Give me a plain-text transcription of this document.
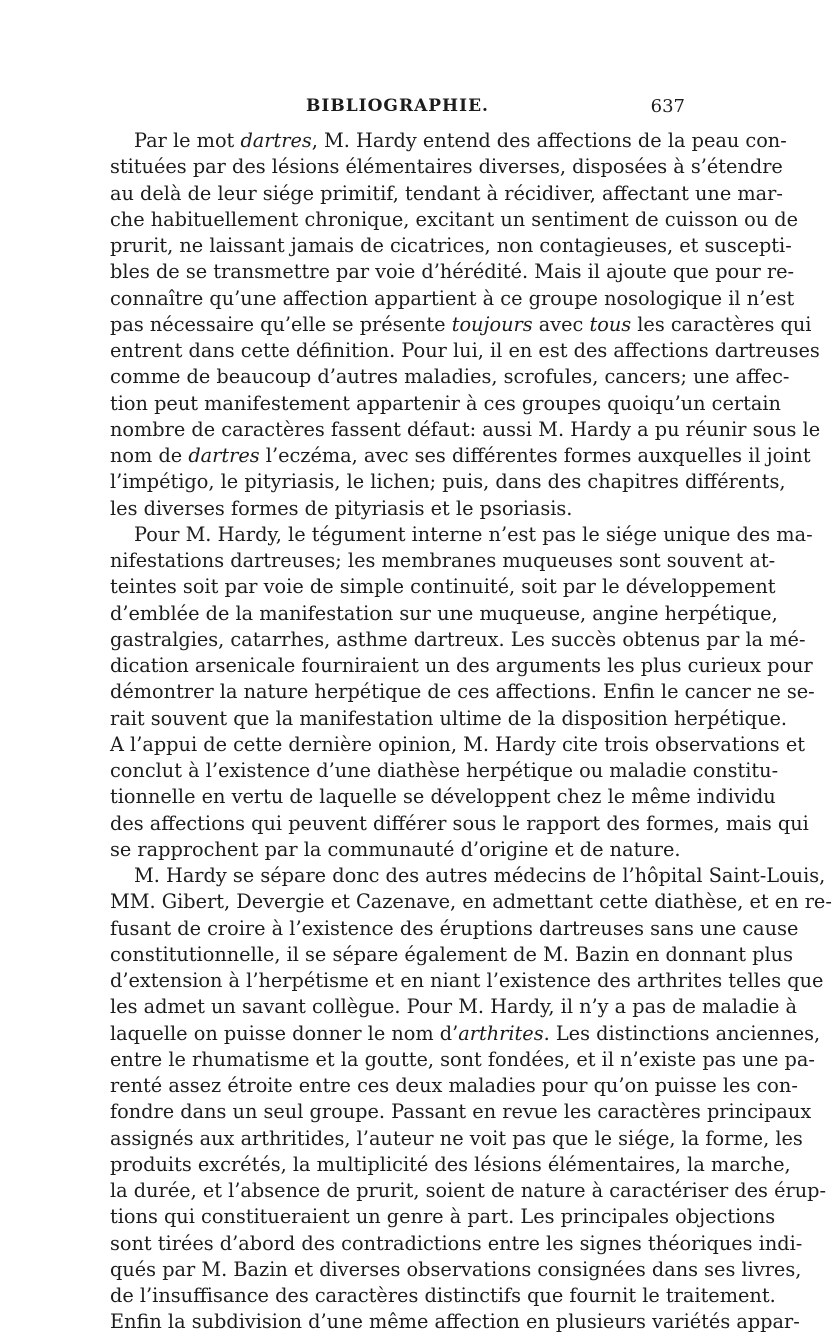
BIBLIOGRAPHIE.	637
Par le mot dartres, M. Hardy entend des affections de la peau con-
stituées par des lésions élémentaires diverses, disposées à s’étendre
au delà de leur siége primitif, tendant à récidiver, affectant une mar-
che habituellement chronique, excitant un sentiment de cuisson ou de
prurit, ne laissant jamais de cicatrices, non contagieuses, et suscepti-
bles de se transmettre par voie d’hérédité. Mais il ajoute que pour re-
connaître qu’une affection appartient à ce groupe nosologique il n’est
pas nécessaire qu’elle se présente toujours avec tous les caractères qui
entrent dans cette définition. Pour lui, il en est des affections dartreuses
comme de beaucoup d’autres maladies, scrofules, cancers; une affec-
tion peut manifestement appartenir à ces groupes quoiqu’un certain
nombre de caractères fassent défaut: aussi M. Hardy a pu réunir sous le
nom de dartres l’eczéma, avec ses différentes formes auxquelles il joint
l’impétigo, le pityriasis, le lichen; puis, dans des chapitres différents,
les diverses formes de pityriasis et le psoriasis.
Pour M. Hardy, le tégument interne n’est pas le siége unique des ma-
nifestations dartreuses; les membranes muqueuses sont souvent at-
teintes soit par voie de simple continuité, soit par le développement
d’emblée de la manifestation sur une muqueuse, angine herpétique,
gastralgies, catarrhes, asthme dartreux. Les succès obtenus par la mé-
dication arsenicale fourniraient un des arguments les plus curieux pour
démontrer la nature herpétique de ces affections. Enfin le cancer ne se-
rait souvent que la manifestation ultime de la disposition herpétique.
A l’appui de cette dernière opinion, M. Hardy cite trois observations et
conclut à l’existence d’une diathèse herpétique ou maladie constitu-
tionnelle en vertu de laquelle se développent chez le même individu
des affections qui peuvent différer sous le rapport des formes, mais qui
se rapprochent par la communauté d’origine et de nature.
M. Hardy se sépare donc des autres médecins de l’hôpital Saint-Louis,
MM. Gibert, Devergie et Cazenave, en admettant cette diathèse, et en re-
fusant de croire à l’existence des éruptions dartreuses sans une cause
constitutionnelle, il se sépare également de M. Bazin en donnant plus
d’extension à l’herpétisme et en niant l’existence des arthrites telles que
les admet un savant collègue. Pour M. Hardy, il n’y a pas de maladie à
laquelle on puisse donner le nom d’arthrites. Les distinctions anciennes,
entre le rhumatisme et la goutte, sont fondées, et il n’existe pas une pa-
renté assez étroite entre ces deux maladies pour qu’on puisse les con-
fondre dans un seul groupe. Passant en revue les caractères principaux
assignés aux arthritides, l’auteur ne voit pas que le siége, la forme, les
produits excrétés, la multiplicité des lésions élémentaires, la marche,
la durée, et l’absence de prurit, soient de nature à caractériser des érup-
tions qui constitueraient un genre à part. Les principales objections
sont tirées d’abord des contradictions entre les signes théoriques indi-
qués par M. Bazin et diverses observations consignées dans ses livres,
de l’insuffisance des caractères distinctifs que fournit le traitement.
Enfin la subdivision d’une même affection en plusieurs variétés appar-
